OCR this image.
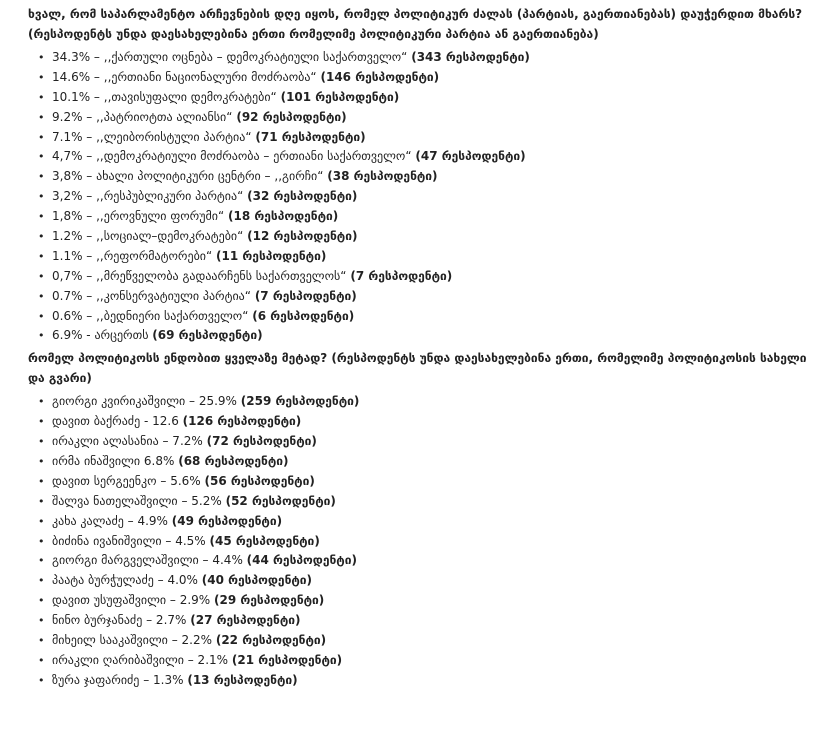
ხვალ, რომ საპარლამენტო არჩევნების დღე იყოს, რომელ პოლიტიკურ ძალას (პარტიას, გაერთიანებას) დაუჭერდით მხარს? (რესპოდენტს უნდა დაესახელებინა ერთი რომელიმე პოლიტიკური პარტია ან გაერთიანება)

• 34.3% – ,,ქართული ოცნება – დემოკრატიული საქართველო“ (343 რესპოდენტი)
• 14.6% – ,,ერთიანი ნაციონალური მოძრაობა“ (146 რესპოდენტი)
• 10.1% – ,,თავისუფალი დემოკრატები“ (101 რესპოდენტი)
• 9.2% – ,,პატრიოტთა ალიანსი“ (92 რესპოდენტი)
• 7.1% – ,,ლეიბორისტული პარტია“ (71 რესპოდენტი)
• 4,7% – ,,დემოკრატიული მოძრაობა – ერთიანი საქართველო“ (47 რესპოდენტი)
• 3,8% – ახალი პოლიტიკური ცენტრი – ,,გირჩი“ (38 რესპოდენტი)
• 3,2% – ,,რესპუბლიკური პარტია“ (32 რესპოდენტი)
• 1,8% – ,,ეროვნული ფორუმი“ (18 რესპოდენტი)
• 1.2% – ,,სოციალ–დემოკრატები“ (12 რესპოდენტი)
• 1.1% – ,,რეფორმატორები“ (11 რესპოდენტი)
• 0,7% – ,,მრეწველობა გადაარჩენს საქართველოს“ (7 რესპოდენტი)
• 0.7% – ,,კონსერვატიული პარტია“ (7 რესპოდენტი)
• 0.6% – ,,ბედნიერი საქართველო“ (6 რესპოდენტი)
• 6.9% - არცერთს (69 რესპოდენტი)

რომელ პოლიტიკოსს ენდობით ყველაზე მეტად? (რესპოდენტს უნდა დაესახელებინა ერთი, რომელიმე პოლიტიკოსის სახელი და გვარი)

• გიორგი კვირიკაშვილი – 25.9% (259 რესპოდენტი)
• დავით ბაქრაძე - 12.6 (126 რესპოდენტი)
• ირაკლი ალასანია – 7.2% (72 რესპოდენტი)
• ირმა ინაშვილი 6.8% (68 რესპოდენტი)
• დავით სერგეენკო – 5.6% (56 რესპოდენტი)
• შალვა ნათელაშვილი – 5.2% (52 რესპოდენტი)
• კახა კალაძე – 4.9% (49 რესპოდენტი)
• ბიძინა ივანიშვილი – 4.5% (45 რესპოდენტი)
• გიორგი მარგველაშვილი – 4.4% (44 რესპოდენტი)
• პაატა ბურჭულაძე – 4.0% (40 რესპოდენტი)
• დავით უსუფაშვილი – 2.9% (29 რესპოდენტი)
• ნინო ბურჯანაძე – 2.7% (27 რესპოდენტი)
• მიხეილ სააკაშვილი – 2.2% (22 რესპოდენტი)
• ირაკლი ღარიბაშვილი – 2.1% (21 რესპოდენტი)
• ზურა ჯაფარიძე – 1.3% (13 რესპოდენტი)
